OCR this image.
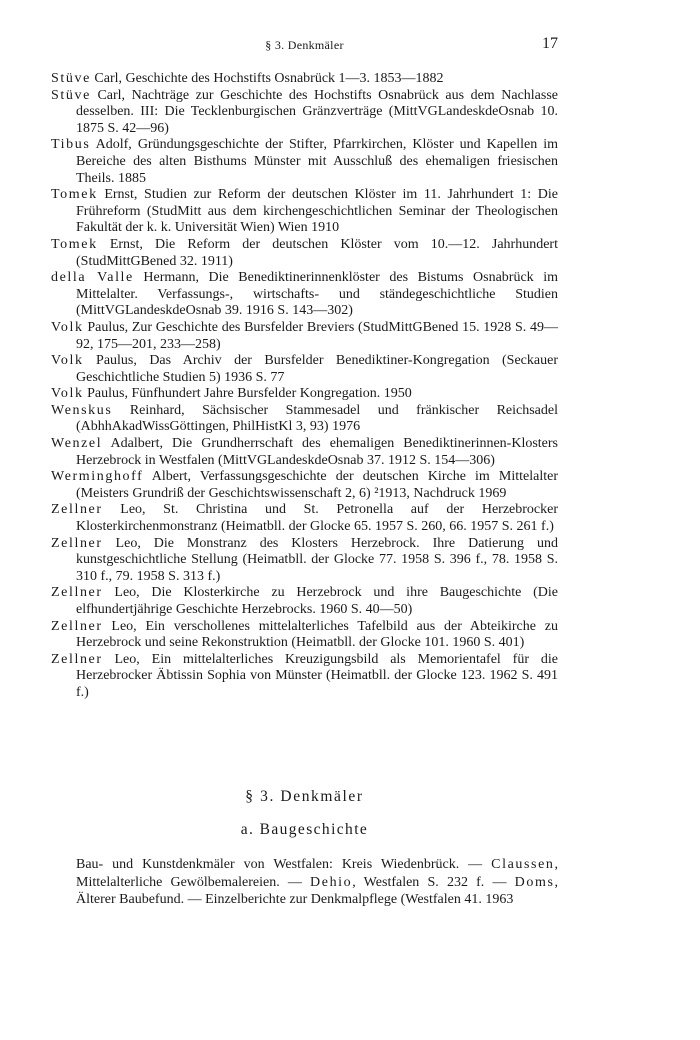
§ 3. Denkmäler	17

Stüve Carl, Geschichte des Hochstifts Osnabrück 1—3. 1853—1882

Stüve Carl, Nachträge zur Geschichte des Hochstifts Osnabrück aus dem Nachlasse desselben. III: Die Tecklenburgischen Gränzverträge (MittVGLandeskdeOsnab 10. 1875 S. 42—96)

Tibus Adolf, Gründungsgeschichte der Stifter, Pfarrkirchen, Klöster und Kapellen im Bereiche des alten Bisthums Münster mit Ausschluß des ehemaligen friesischen Theils. 1885

Tomek Ernst, Studien zur Reform der deutschen Klöster im 11. Jahrhundert 1: Die Frühreform (StudMitt aus dem kirchengeschichtlichen Seminar der Theologischen Fakultät der k. k. Universität Wien) Wien 1910

Tomek Ernst, Die Reform der deutschen Klöster vom 10.—12. Jahrhundert (StudMittGBened 32. 1911)

della Valle Hermann, Die Benediktinerinnenklöster des Bistums Osnabrück im Mittelalter. Verfassungs-, wirtschafts- und ständegeschichtliche Studien (MittVGLandeskdeOsnab 39. 1916 S. 143—302)

Volk Paulus, Zur Geschichte des Bursfelder Breviers (StudMittGBened 15. 1928 S. 49—92, 175—201, 233—258)

Volk Paulus, Das Archiv der Bursfelder Benediktiner-Kongregation (Seckauer Geschichtliche Studien 5) 1936 S. 77

Volk Paulus, Fünfhundert Jahre Bursfelder Kongregation. 1950

Wenskus Reinhard, Sächsischer Stammesadel und fränkischer Reichsadel (AbhhAkadWissGöttingen, PhilHistKl 3, 93) 1976

Wenzel Adalbert, Die Grundherrschaft des ehemaligen Benediktinerinnen-Klosters Herzebrock in Westfalen (MittVGLandeskdeOsnab 37. 1912 S. 154—306)

Werminghoff Albert, Verfassungsgeschichte der deutschen Kirche im Mittelalter (Meisters Grundriß der Geschichtswissenschaft 2, 6) ²1913, Nachdruck 1969

Zellner Leo, St. Christina und St. Petronella auf der Herzebrocker Klosterkirchenmonstranz (Heimatbll. der Glocke 65. 1957 S. 260, 66. 1957 S. 261 f.)

Zellner Leo, Die Monstranz des Klosters Herzebrock. Ihre Datierung und kunstgeschichtliche Stellung (Heimatbll. der Glocke 77. 1958 S. 396 f., 78. 1958 S. 310 f., 79. 1958 S. 313 f.)

Zellner Leo, Die Klosterkirche zu Herzebrock und ihre Baugeschichte (Die elfhundertjährige Geschichte Herzebrocks. 1960 S. 40—50)

Zellner Leo, Ein verschollenes mittelalterliches Tafelbild aus der Abteikirche zu Herzebrock und seine Rekonstruktion (Heimatbll. der Glocke 101. 1960 S. 401)

Zellner Leo, Ein mittelalterliches Kreuzigungsbild als Memorientafel für die Herzebrocker Äbtissin Sophia von Münster (Heimatbll. der Glocke 123. 1962 S. 491 f.)

§ 3. Denkmäler
a. Baugeschichte

Bau- und Kunstdenkmäler von Westfalen: Kreis Wiedenbrück. — Claussen, Mittelalterliche Gewölbemalereien. — Dehio, Westfalen S. 232 f. — Doms, Älterer Baubefund. — Einzelberichte zur Denkmalpflege (Westfalen 41. 1963
